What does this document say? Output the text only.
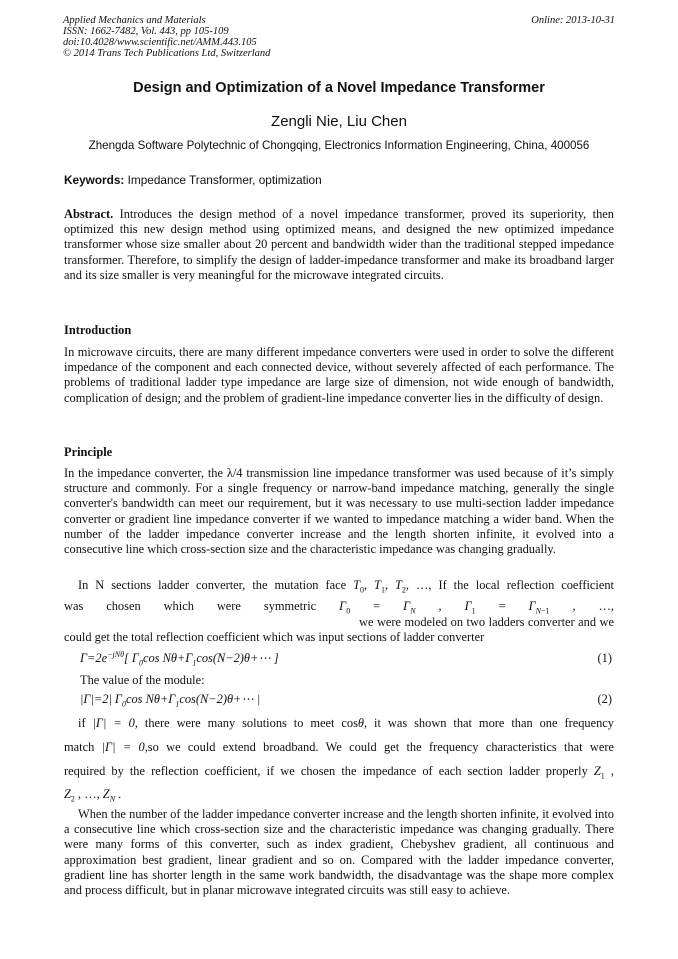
Applied Mechanics and Materials
ISSN: 1662-7482, Vol. 443, pp 105-109
doi:10.4028/www.scientific.net/AMM.443.105
© 2014 Trans Tech Publications Ltd, Switzerland
Online: 2013-10-31
Design and Optimization of a Novel Impedance Transformer
Zengli Nie, Liu Chen
Zhengda Software Polytechnic of Chongqing, Electronics Information Engineering, China, 400056
Keywords: Impedance Transformer, optimization

Abstract. Introduces the design method of a novel impedance transformer, proved its superiority, then optimized this new design method using optimized means, and designed the new optimized impedance transformer whose size smaller about 20 percent and bandwidth wider than the traditional stepped impedance transformer. Therefore, to simplify the design of ladder-impedance transformer and make its broadband larger and its size smaller is very meaningful for the microwave integrated circuits.

Introduction
In microwave circuits, there are many different impedance converters were used in order to solve the different impedance of the component and each connected device, without severely affected of each performance. The problems of traditional ladder type impedance are large size of dimension, not wide enough of bandwidth, complication of design; and the problem of gradient-line impedance converter lies in the difficulty of design.
Principle
In the impedance converter, the λ/4 transmission line impedance transformer was used because of it’s simply structure and commonly. For a single frequency or narrow-band impedance matching, generally the single converter's bandwidth can meet our requirement, but it was necessary to use multi-section ladder impedance converter or gradient line impedance converter if we wanted to impedance matching a wider band. When the number of the ladder impedance converter increase and the length shorten infinite, it evolved into a consecutive line which cross-section size and the characteristic impedance was changing gradually.
In N sections ladder converter, the mutation face $T_0$, $T_1$, $T_2$, …, If the local reflection coefficient
was chosen which were symmetric $\Gamma_0 = \Gamma_N$ , $\Gamma_1 = \Gamma_{N-1}$ , …,
we were modeled on two ladders converter and we could get the total reflection coefficient which was input sections of ladder converter
$\Gamma=2e^{-jN\theta}$[ $\Gamma_0\cos$ $N\theta+\Gamma_1\cos(N-2)\theta+\cdots$ ]	(1)
The value of the module:
|Γ|=2| $\Gamma_0\cos$ $N\theta+\Gamma_1\cos(N-2)\theta+\cdots$ |	(2)
if |Γ| = 0, there were many solutions to meet cosθ, it was shown that more than one frequency
match |Γ| = 0,so we could extend broadband. We could get the frequency characteristics that were
required by the reflection coefficient, if we chosen the impedance of each section ladder properly $Z_1$ ,
$Z_2$ , …, $Z_N$ .
When the number of the ladder impedance converter increase and the length shorten infinite, it evolved into a consecutive line which cross-section size and the characteristic impedance was changing gradually. There were many forms of this converter, such as index gradient, Chebyshev gradient, all continuous and approximation best gradient, linear gradient and so on. Compared with the ladder impedance converter, gradient line has shorter length in the same work bandwidth, the disadvantage was the shape more complex and process difficult, but in planar microwave integrated circuits was still easy to achieve.
